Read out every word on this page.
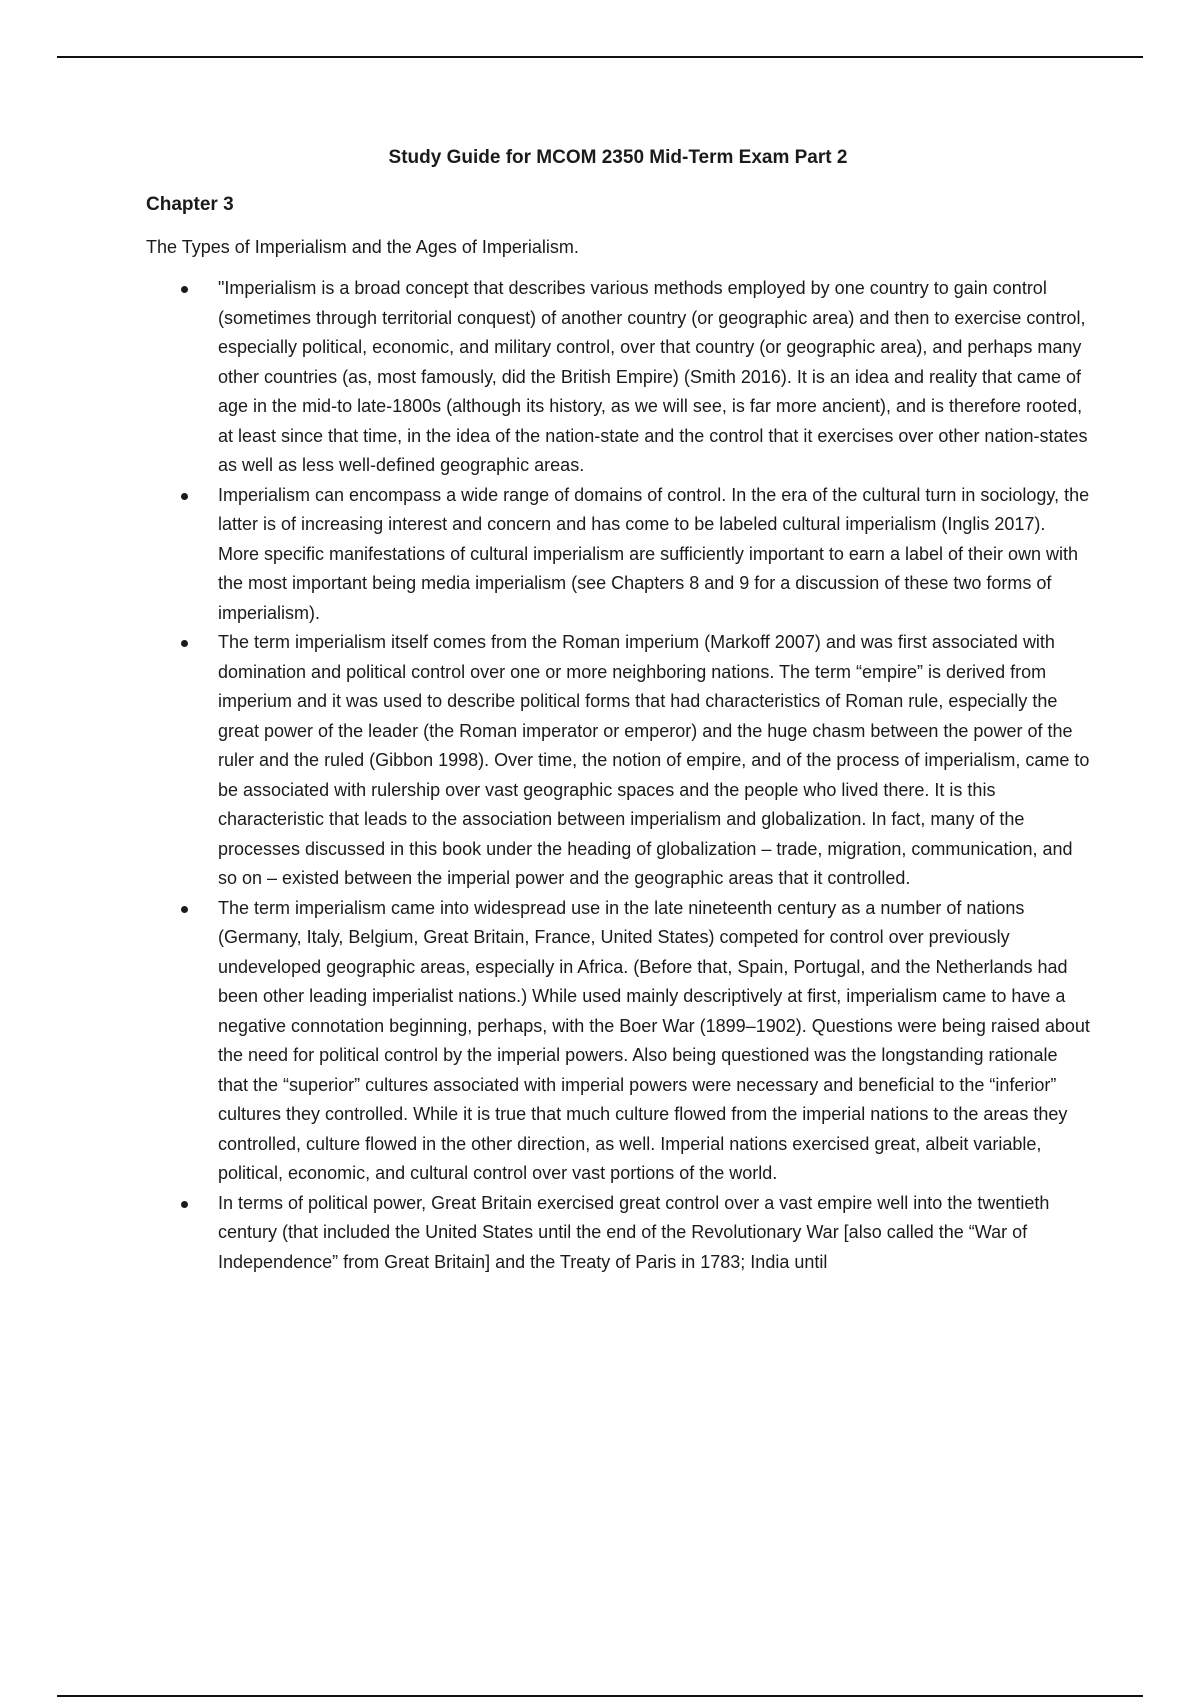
Study Guide for MCOM 2350 Mid-Term Exam Part 2
Chapter 3
The Types of Imperialism and the Ages of Imperialism.
"Imperialism is a broad concept that describes various methods employed by one country to gain control (sometimes through territorial conquest) of another country (or geographic area) and then to exercise control, especially political, economic, and military control, over that country (or geographic area), and perhaps many other countries (as, most famously, did the British Empire) (Smith 2016). It is an idea and reality that came of age in the mid-to late-1800s (although its history, as we will see, is far more ancient), and is therefore rooted, at least since that time, in the idea of the nation-state and the control that it exercises over other nation-states as well as less well-defined geographic areas.
Imperialism can encompass a wide range of domains of control. In the era of the cultural turn in sociology, the latter is of increasing interest and concern and has come to be labeled cultural imperialism (Inglis 2017). More specific manifestations of cultural imperialism are sufficiently important to earn a label of their own with the most important being media imperialism (see Chapters 8 and 9 for a discussion of these two forms of imperialism).
The term imperialism itself comes from the Roman imperium (Markoff 2007) and was first associated with domination and political control over one or more neighboring nations. The term “empire” is derived from imperium and it was used to describe political forms that had characteristics of Roman rule, especially the great power of the leader (the Roman imperator or emperor) and the huge chasm between the power of the ruler and the ruled (Gibbon 1998). Over time, the notion of empire, and of the process of imperialism, came to be associated with rulership over vast geographic spaces and the people who lived there. It is this characteristic that leads to the association between imperialism and globalization. In fact, many of the processes discussed in this book under the heading of globalization – trade, migration, communication, and so on – existed between the imperial power and the geographic areas that it controlled.
The term imperialism came into widespread use in the late nineteenth century as a number of nations (Germany, Italy, Belgium, Great Britain, France, United States) competed for control over previously undeveloped geographic areas, especially in Africa. (Before that, Spain, Portugal, and the Netherlands had been other leading imperialist nations.) While used mainly descriptively at first, imperialism came to have a negative connotation beginning, perhaps, with the Boer War (1899–1902). Questions were being raised about the need for political control by the imperial powers. Also being questioned was the longstanding rationale that the “superior” cultures associated with imperial powers were necessary and beneficial to the “inferior” cultures they controlled. While it is true that much culture flowed from the imperial nations to the areas they controlled, culture flowed in the other direction, as well. Imperial nations exercised great, albeit variable, political, economic, and cultural control over vast portions of the world.
In terms of political power, Great Britain exercised great control over a vast empire well into the twentieth century (that included the United States until the end of the Revolutionary War [also called the “War of Independence” from Great Britain] and the Treaty of Paris in 1783; India until
